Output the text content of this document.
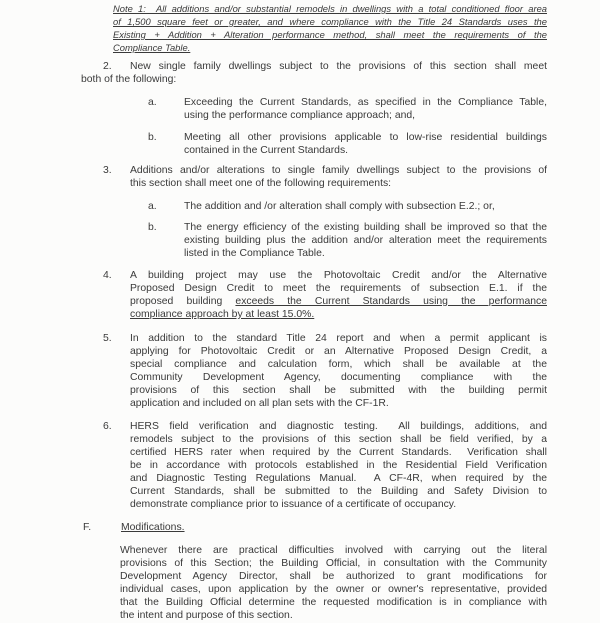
Note 1:  All additions and/or substantial remodels in dwellings with a total conditioned floor area
of 1,500 square feet or greater, and where compliance with the Title 24 Standards uses the
Existing + Addition + Alteration performance method, shall meet the requirements of the
Compliance Table.
2.	New single family dwellings subject to the provisions of this section shall meet
both of the following:
a.	Exceeding the Current Standards, as specified in the Compliance Table,
using the performance compliance approach; and,
b.	Meeting all other provisions applicable to low-rise residential buildings
contained in the Current Standards.
3.	Additions and/or alterations to single family dwellings subject to the provisions of
this section shall meet one of the following requirements:
a.	The addition and /or alteration shall comply with subsection E.2.; or,
b.	The energy efficiency of the existing building shall be improved so that the
existing building plus the addition and/or alteration meet the requirements
listed in the Compliance Table.
4.	A building project may use the Photovoltaic Credit and/or the Alternative
Proposed Design Credit to meet the requirements of subsection E.1. if the
proposed building exceeds the Current Standards using the performance
compliance approach by at least 15.0%.
5.	In addition to the standard Title 24 report and when a permit applicant is
applying for Photovoltaic Credit or an Alternative Proposed Design Credit, a
special compliance and calculation form, which shall be available at the
Community Development Agency, documenting compliance with the
provisions of this section shall be submitted with the building permit
application and included on all plan sets with the CF-1R.
6.	HERS field verification and diagnostic testing.  All buildings, additions, and
remodels subject to the provisions of this section shall be field verified, by a
certified HERS rater when required by the Current Standards.  Verification shall
be in accordance with protocols established in the Residential Field Verification
and Diagnostic Testing Regulations Manual.  A CF-4R, when required by the
Current Standards, shall be submitted to the Building and Safety Division to
demonstrate compliance prior to issuance of a certificate of occupancy.
F.	Modifications.
Whenever there are practical difficulties involved with carrying out the literal
provisions of this Section; the Building Official, in consultation with the Community
Development Agency Director, shall be authorized to grant modifications for
individual cases, upon application by the owner or owner's representative, provided
that the Building Official determine the requested modification is in compliance with
the intent and purpose of this section.
